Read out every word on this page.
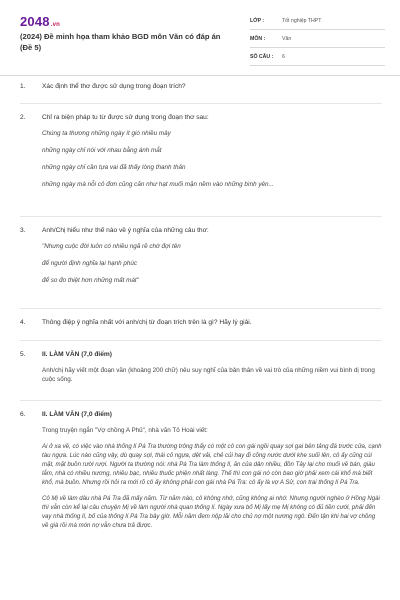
2048.vn
(2024) Đề minh họa tham khảo BGD môn Văn có đáp án (Đề 5)
LỚP :	Tốt nghiệp THPT
MÔN :	Văn
SỐ CÂU :	6
1.	Xác định thể thơ được sử dụng trong đoạn trích?
2.	Chỉ ra biện pháp tu từ được sử dụng trong đoạn thơ sau:
Chúng ta thương những ngày ít gió nhiều mây
những ngày chỉ nói với nhau bằng ánh mắt
những ngày chỉ cần tựa vai đã thấy lòng thanh thản
những ngày mà nỗi cô đơn cũng căn như hạt muối mặn nềm vào những bình yên...
3.	Anh/Chị hiểu như thế nào về ý nghĩa của những câu thơ:
"Nhưng cuộc đời luôn có nhiều ngã rẽ chờ đợi tên
để người định nghĩa lại hạnh phúc
để so đo thiệt hơn những mất mát"
4.	Thông điệp ý nghĩa nhất với anh/chị từ đoạn trích trên là gì? Hãy lý giải.
5.	II. LÀM VĂN (7,0 điểm)
Anh/chị hãy viết một đoạn văn (khoảng 200 chữ) nêu suy nghĩ của bản thân về vai trò của những niềm vui bình dị trong cuộc sống.
6.	II. LÀM VĂN (7,0 điểm)
Trong truyện ngắn "Vợ chồng A Phủ", nhà văn Tô Hoài viết:
Ai ở xa về, có việc vào nhà thống lí Pá Tra thường trông thấy có một cô con gái ngồi quay sợi gai bên tảng đá trước cửa, cạnh tàu ngựa. Lúc nào cũng vậy, dù quay sợi, thái cỏ ngựa, dệt vải, chẻ củi hay đi cõng nước dưới khe suối lên, cô ấy cũng cúi mặt, mặt buồn rười rượi. Người ta thường nói: nhà Pá Tra làm thống lí, ăn của dân nhiều, đồn Tây lại cho muối về bán, giàu lắm, nhà có nhiều nương, nhiều bạc, nhiều thuốc phiện nhất làng. Thế thì con gái nó còn bao giờ phải xem cái khổ mà biết khổ, mà buồn. Nhưng rồi hỏi ra mới rõ cô ấy không phải con gái nhà Pá Tra: cô ấy là vợ A Sử, con trai thống lí Pá Tra.
Cô Mị về làm dâu nhà Pá Tra đã mấy năm. Từ năm nào, cô không nhớ, cũng không ai nhớ. Nhưng người nghèo ở Hồng Ngài thì vẫn còn kể lại câu chuyện Mị về làm người nhà quan thống lí. Ngày xưa bố Mị lấy mẹ Mị không có đủ tiền cưới, phải đến vay nhà thống lí, bố của thống lí Pá Tra bây giờ. Mỗi năm đem nộp lãi cho chủ nợ một nương ngô. Đến tận khi hai vợ chồng về già rồi mà món nợ vẫn chưa trả được.
